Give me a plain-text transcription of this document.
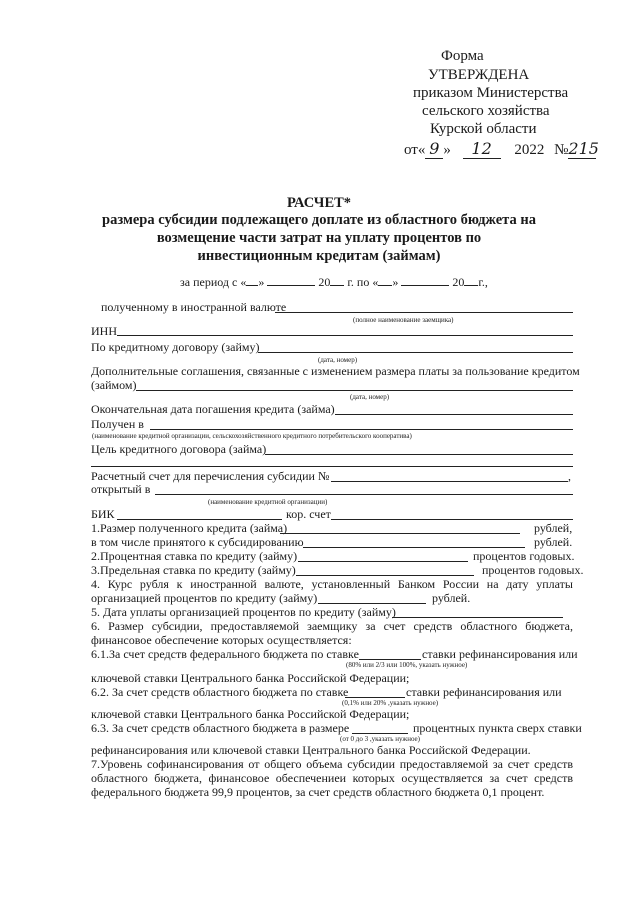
Форма
УТВЕРЖДЕНА
приказом Министерства
сельского хозяйства
Курской области
от« 9 » 12 2022 №215
РАСЧЕТ*
размера субсидии подлежащего доплате из областного бюджета на
возмещение части затрат на уплату процентов по
инвестиционным кредитам (займам)
за период с « »	20 г. по « »	20 г.,
полученному в иностранной валюте
(полное наименование заемщика)
ИНН
По кредитному договору (займу)
(дата, номер)
Дополнительные соглашения, связанные с изменением размера платы за пользование кредитом
(займом)
(дата, номер)
Окончательная дата погашения кредита (займа)
Получен в
(наименование кредитной организации, сельскохозяйственного кредитного потребительского кооператива)
Цель кредитного договора (займа)
Расчетный счет для перечисления субсидии №	,
открытый в
(наименование кредитной организации)
БИК	кор. счет
1.Размер полученного кредита (займа)	рублей,
в том числе принятого к субсидированию	рублей.
2.Процентная ставка по кредиту (займу)	процентов годовых.
3.Предельная ставка по кредиту (займу)	процентов годовых.
4. Курс рубля к иностранной валюте, установленный Банком России на дату уплаты
организацией процентов по кредиту (займу)	рублей.
5. Дата уплаты организацией процентов по кредиту (займу)
6. Размер субсидии, предоставляемой заемщику за счет средств областного бюджета,
финансовое обеспечение которых осуществляется:
6.1.За счет средств федерального бюджета по ставке	ставки рефинансирования или
(80% или 2/3 или 100%, указать нужное)
ключевой ставки Центрального банка Российской Федерации;
6.2. За счет средств областного бюджета по ставке	ставки рефинансирования или
(0,1% или 20% ,указать нужное)
ключевой ставки Центрального банка Российской Федерации;
6.3. За счет средств областного бюджета в размере	процентных пункта сверх ставки
(от 0 до 3 ,указать нужное)
рефинансирования или ключевой ставки Центрального банка Российской Федерации.
7.Уровень софинансирования от общего объема субсидии предоставляемой за счет средств
областного бюджета, финансовое обеспечениеи которых осуществляется за счет средств
федерального бюджета 99,9 процентов, за счет средств областного бюджета 0,1 процент.
